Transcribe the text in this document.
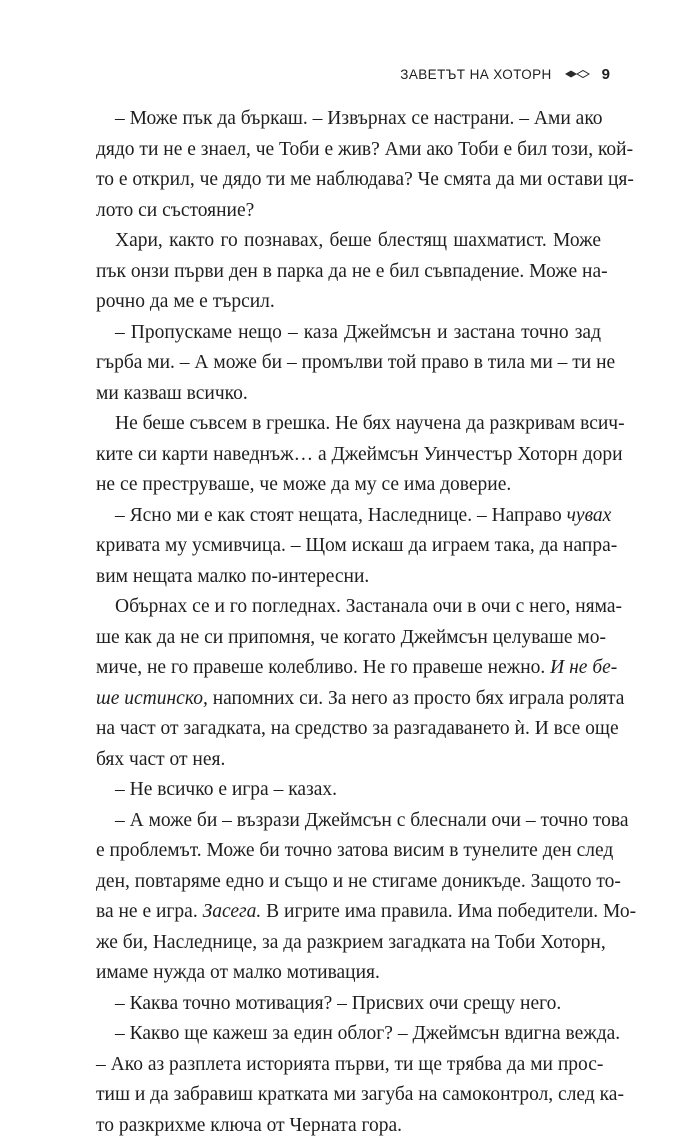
ЗАВЕТЪТ НА ХОТОРН	9
– Може пък да бъркаш. – Извърнах се настрани. – Ами ако
дядо ти не е знаел, че Тоби е жив? Ами ако Тоби е бил този, кой-
то е открил, че дядо ти ме наблюдава? Че смята да ми остави ця-
лото си състояние?
Хари, както го познавах, беше блестящ шахматист. Може
пък онзи първи ден в парка да не е бил съвпадение. Може на-
рочно да ме е търсил.
– Пропускаме нещо – каза Джеймсън и застана точно зад
гърба ми. – А може би – промълви той право в тила ми – ти не
ми казваш всичко.
Не беше съвсем в грешка. Не бях научена да разкривам всич-
ките си карти наведнъж… а Джеймсън Уинчестър Хоторн дори
не се преструваше, че може да му се има доверие.
– Ясно ми е как стоят нещата, Наследнице. – Направо чувах
кривата му усмивчица. – Щом искаш да играем така, да напра-
вим нещата малко по-интересни.
Обърнах се и го погледнах. Застанала очи в очи с него, няма-
ше как да не си припомня, че когато Джеймсън целуваше мо-
миче, не го правеше колебливо. Не го правеше нежно. И не бе-
ше истинско, напомних си. За него аз просто бях играла ролята
на част от загадката, на средство за разгадаването ѝ. И все още
бях част от нея.
– Не всичко е игра – казах.
– А може би – възрази Джеймсън с блеснали очи – точно това
е проблемът. Може би точно затова висим в тунелите ден след
ден, повтаряме едно и също и не стигаме доникъде. Защото то-
ва не е игра. Засега. В игрите има правила. Има победители. Мо-
же би, Наследнице, за да разкрием загадката на Тоби Хоторн,
имаме нужда от малко мотивация.
– Каква точно мотивация? – Присвих очи срещу него.
– Какво ще кажеш за един облог? – Джеймсън вдигна вежда.
– Ако аз разплета историята първи, ти ще трябва да ми прос-
тиш и да забравиш кратката ми загуба на самоконтрол, след ка-
то разкрихме ключа от Черната гора.
